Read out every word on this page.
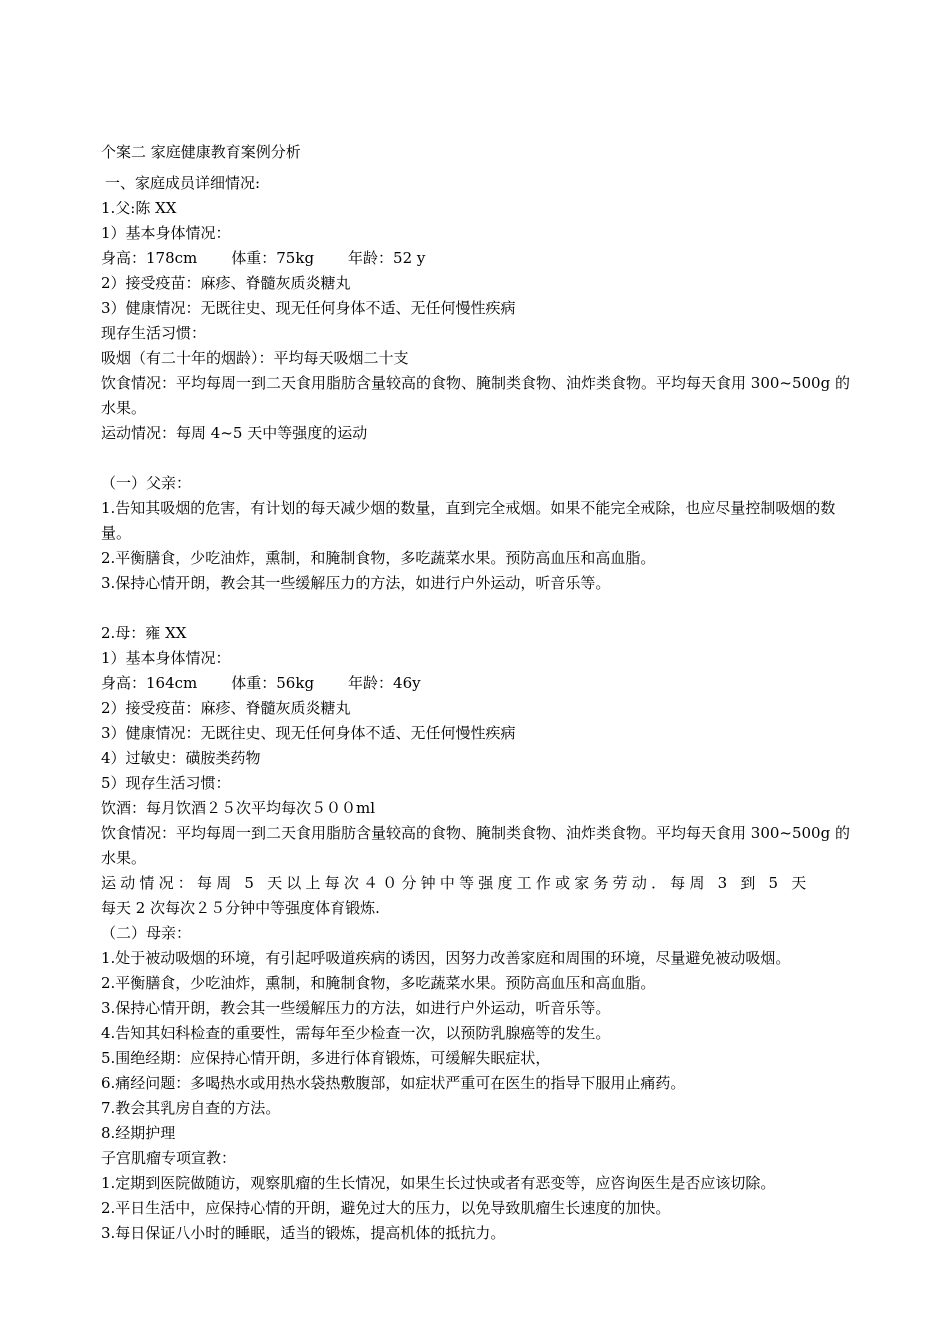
个案二 家庭健康教育案例分析
一、家庭成员详细情况:
1.父:陈 XX
1）基本身体情况：
身高：178cm 体重：75kg 年龄：52 y
2）接受疫苗：麻疹、脊髓灰质炎糖丸
3）健康情况：无既往史、现无任何身体不适、无任何慢性疾病
现存生活习惯：
吸烟（有二十年的烟龄）：平均每天吸烟二十支
饮食情况：平均每周一到二天食用脂肪含量较高的食物、腌制类食物、油炸类食物。平均每天食用 300~500g 的水果。
运动情况：每周 4~5 天中等强度的运动
（一）父亲：
1.告知其吸烟的危害，有计划的每天减少烟的数量，直到完全戒烟。如果不能完全戒除，也应尽量控制吸烟的数量。
2.平衡膳食，少吃油炸，熏制，和腌制食物，多吃蔬菜水果。预防高血压和高血脂。
3.保持心情开朗，教会其一些缓解压力的方法，如进行户外运动，听音乐等。
2.母：雍 XX
1）基本身体情况：
身高：164cm 体重：56kg 年龄：46y
2）接受疫苗：麻疹、脊髓灰质炎糖丸
3）健康情况：无既往史、现无任何身体不适、无任何慢性疾病
4）过敏史：磺胺类药物
5）现存生活习惯：
饮酒：每月饮酒２５次平均每次５００ml
饮食情况：平均每周一到二天食用脂肪含量较高的食物、腌制类食物、油炸类食物。平均每天食用 300~500g 的水果。
运动情况：每周 5 天以上每次４０分钟中等强度工作或家务劳动．每周 3 到 5 天
每天 2 次每次２５分钟中等强度体育锻炼.
（二）母亲：
1.处于被动吸烟的环境，有引起呼吸道疾病的诱因，因努力改善家庭和周围的环境，尽量避免被动吸烟。
2.平衡膳食，少吃油炸，熏制，和腌制食物，多吃蔬菜水果。预防高血压和高血脂。
3.保持心情开朗，教会其一些缓解压力的方法，如进行户外运动，听音乐等。
4.告知其妇科检查的重要性，需每年至少检查一次，以预防乳腺癌等的发生。
5.围绝经期：应保持心情开朗，多进行体育锻炼，可缓解失眠症状，
6.痛经问题：多喝热水或用热水袋热敷腹部，如症状严重可在医生的指导下服用止痛药。
7.教会其乳房自查的方法。
8.经期护理
子宫肌瘤专项宣教：
1.定期到医院做随访，观察肌瘤的生长情况，如果生长过快或者有恶变等，应咨询医生是否应该切除。
2.平日生活中，应保持心情的开朗，避免过大的压力，以免导致肌瘤生长速度的加快。
3.每日保证八小时的睡眠，适当的锻炼，提高机体的抵抗力。
